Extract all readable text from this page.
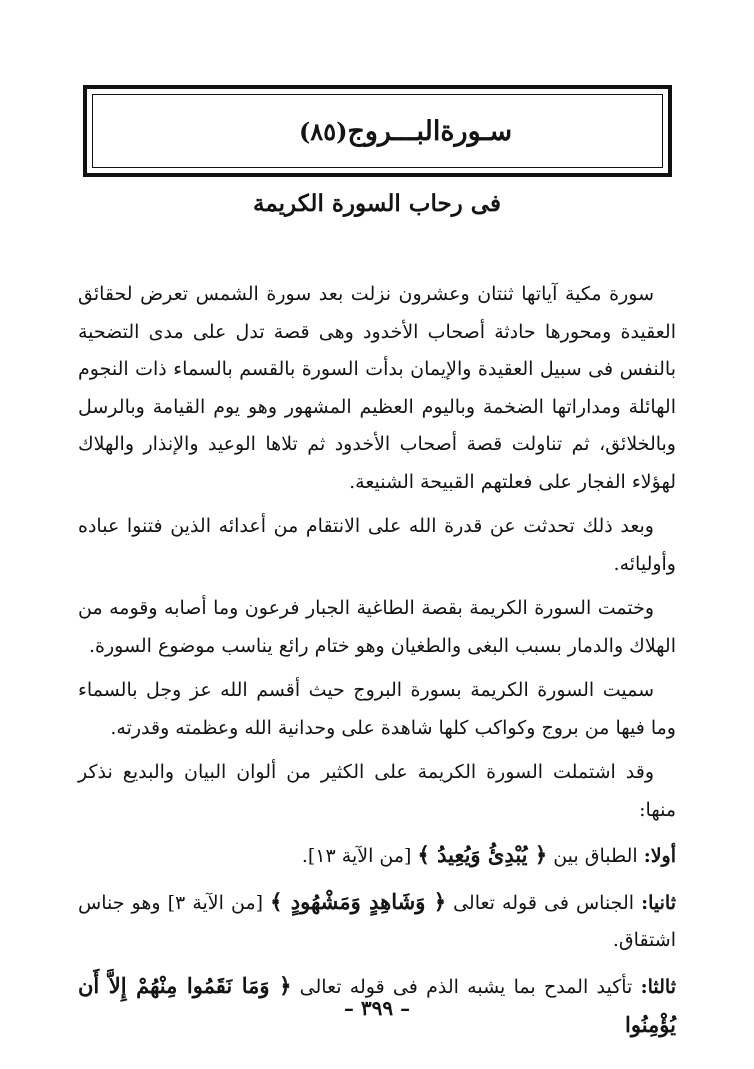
سـورةالبـــروج
(٨٥)
فى رحاب السورة الكريمة

سورة مكية آياتها ثنتان وعشرون نزلت بعد سورة الشمس تعرض لحقائق العقيدة ومحورها حادثة أصحاب الأخدود وهى قصة تدل على مدى التضحية بالنفس فى سبيل العقيدة والإيمان بدأت السورة بالقسم بالسماء ذات النجوم الهائلة ومداراتها الضخمة وباليوم العظيم المشهور وهو يوم القيامة وبالرسل وبالخلائق، ثم تناولت قصة أصحاب الأخدود ثم تلاها الوعيد والإنذار والهلاك لهؤلاء الفجار على فعلتهم القبيحة الشنيعة.

وبعد ذلك تحدثت عن قدرة الله على الانتقام من أعدائه الذين فتنوا عباده وأوليائه.

وختمت السورة الكريمة بقصة الطاغية الجبار فرعون وما أصابه وقومه من الهلاك والدمار بسبب البغى والطغيان وهو ختام رائع يناسب موضوع السورة.

سميت السورة الكريمة بسورة البروج حيث أقسم الله عز وجل بالسماء وما فيها من بروج وكواكب كلها شاهدة على وحدانية الله وعظمته وقدرته.

وقد اشتملت السورة الكريمة على الكثير من ألوان البيان والبديع نذكر منها:

أولا: الطباق بين ﴿ يُبْدِئُ وَيُعِيدُ ﴾ [من الآية ١٣].

ثانيا: الجناس فى قوله تعالى ﴿ وَشَاهِدٍ وَمَشْهُودٍ ﴾ [من الآية ٣] وهو جناس اشتقاق.

ثالثا: تأكيد المدح بما يشبه الذم فى قوله تعالى ﴿ وَمَا نَقَمُوا مِنْهُمْ إِلاَّ أَن يُؤْمِنُوا

– ٣٩٩ –
